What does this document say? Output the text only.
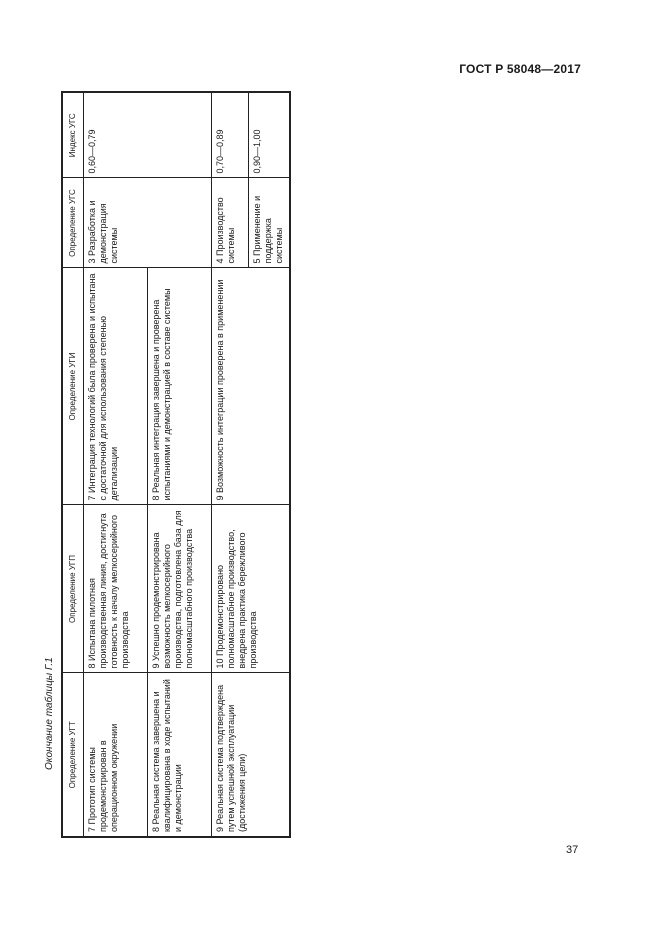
ГОСТ Р 58048—2017
Окончание таблицы Г.1	Определение УГТ	Определение УГП	Определение УГИ	Определение УГС	Индекс УГС
7 Прототип системы продемонстрирован в операционном окружении	8 Испытана пилотная производственная линия, достигнута готовность к началу мелкосерийного производства	7 Интеграция технологий была проверена и испытана с достаточной для использования степенью детализации	3 Разработка и демонстрация системы	0,60—0,79
8 Реальная система завершена и квалифицирована в ходе испытаний и демонстрации	9 Успешно продемонстрирована возможность мелкосерийного производства, подготовлена база для полномасштабного производства	8 Реальная интеграция завершена и проверена испытаниями и демонстрацией в составе системы		
9 Реальная система подтверждена путем успешной эксплуатации (достижения цели)	10 Продемонстрировано полномасштабное производство, внедрена практика бережливого производства	9 Возможность интеграции проверена в применении	4 Производство системы	0,70—0,89
			5 Применение и поддержка системы	0,90—1,00
37
